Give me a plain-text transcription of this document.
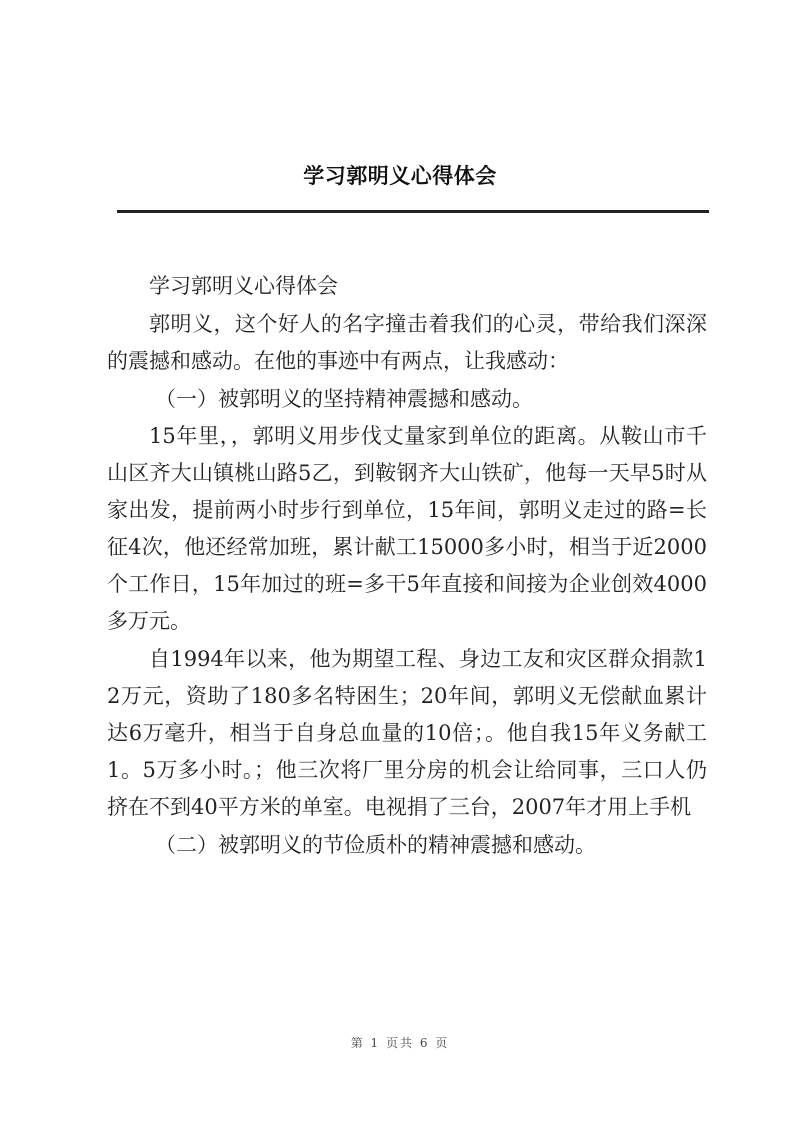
学习郭明义心得体会

学习郭明义心得体会

郭明义，这个好人的名字撞击着我们的心灵，带给我们深深的震撼和感动。在他的事迹中有两点，让我感动：

（一）被郭明义的坚持精神震撼和感动。

15年里，，郭明义用步伐丈量家到单位的距离。从鞍山市千山区齐大山镇桃山路5乙，到鞍钢齐大山铁矿，他每一天早5时从家出发，提前两小时步行到单位，15年间，郭明义走过的路=长征4次，他还经常加班，累计献工15000多小时，相当于近2000个工作日，15年加过的班=多干5年直接和间接为企业创效4000多万元。

自1994年以来，他为期望工程、身边工友和灾区群众捐款12万元，资助了180多名特困生；20年间，郭明义无偿献血累计达6万毫升，相当于自身总血量的10倍；。他自我15年义务献工1。5万多小时。；他三次将厂里分房的机会让给同事，三口人仍挤在不到40平方米的单室。电视捐了三台，2007年才用上手机

（二）被郭明义的节俭质朴的精神震撼和感动。

第 1 页共 6 页
